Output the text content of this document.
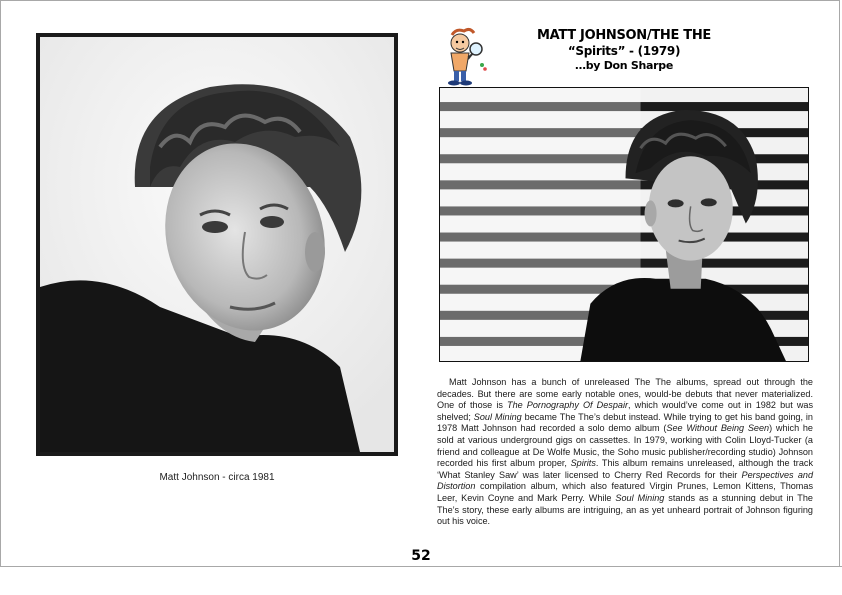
Matt Johnson - circa 1981
MATT JOHNSON/THE THE
“Spirits” - (1979)
…by Don Sharpe

Matt Johnson has a bunch of unreleased The The albums, spread out through the decades. But there are some early notable ones, would-be debuts that never materialized. One of those is The Pornography Of Despair, which would’ve come out in 1982 but was shelved; Soul Mining became The The’s debut instead. While trying to get his band going, in 1978 Matt Johnson had recorded a solo demo album (See Without Being Seen) which he sold at various underground gigs on cassettes. In 1979, working with Colin Lloyd-Tucker (a friend and colleague at De Wolfe Music, the Soho music publisher/recording studio) Johnson recorded his first album proper, Spirits. This album remains unreleased, although the track ‘What Stanley Saw’ was later licensed to Cherry Red Records for their Perspectives and Distortion compilation album, which also featured Virgin Prunes, Lemon Kittens, Thomas Leer, Kevin Coyne and Mark Perry. While Soul Mining stands as a stunning debut in The The’s story, these early albums are intriguing, an as yet unheard portrait of Johnson figuring out his voice.

52
